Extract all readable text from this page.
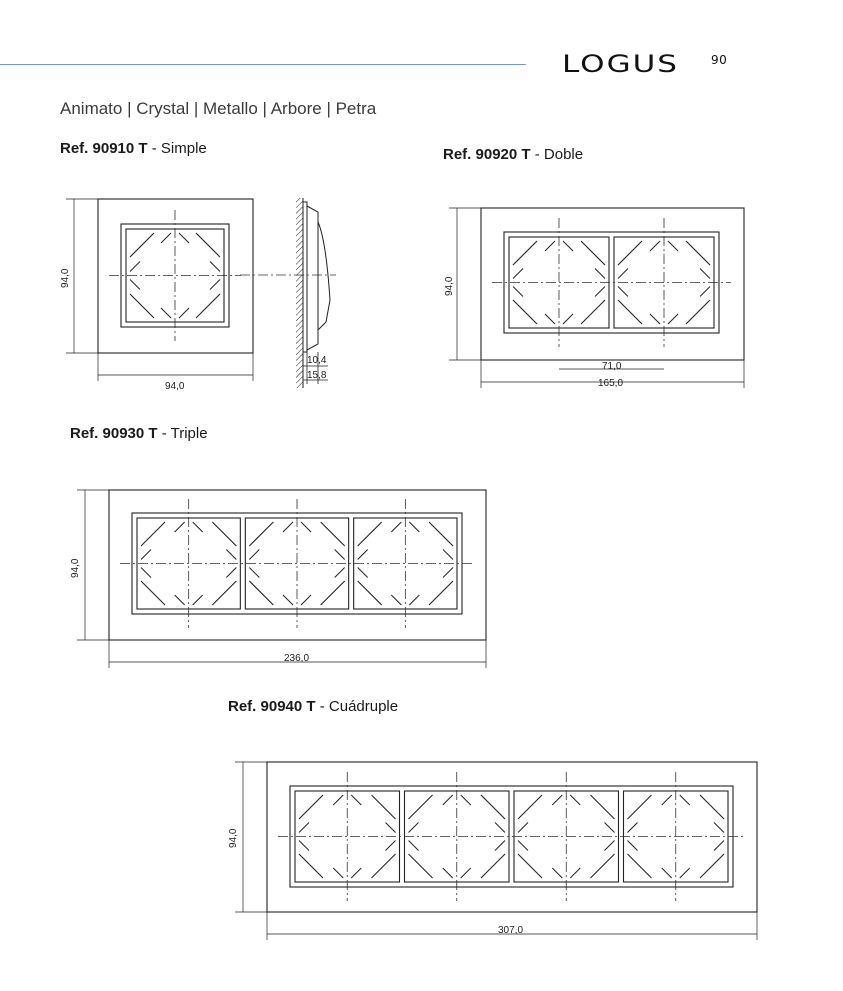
LOGUS	90
Animato | Crystal | Metallo | Arbore | Petra
Ref. 90910 T - Simple	Ref. 90920 T - Doble
Ref. 90930 T - Triple
Ref. 90940 T - Cuádruple
10,4
15,8
94,0
94,0
94,0
71,0
165,0
94,0
236,0
94,0
307,0
